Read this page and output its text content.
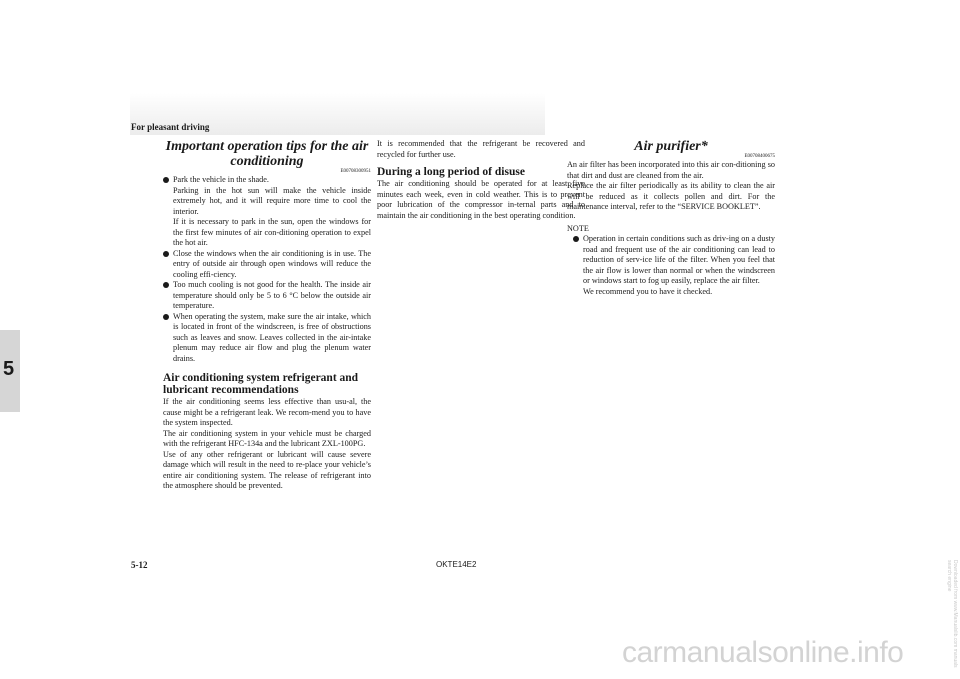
For pleasant driving
5
Important operation tips for the air conditioning
E00708300951

Park the vehicle in the shade.

Parking in the hot sun will make the vehicle inside extremely hot, and it will require more time to cool the interior.

If it is necessary to park in the sun, open the windows for the first few minutes of air con-ditioning operation to expel the hot air.

Close the windows when the air conditioning is in use. The entry of outside air through open windows will reduce the cooling effi-ciency.

Too much cooling is not good for the health. The inside air temperature should only be 5 to 6 °C below the outside air temperature.

When operating the system, make sure the air intake, which is located in front of the windscreen, is free of obstructions such as leaves and snow. Leaves collected in the air-intake plenum may reduce air flow and plug the plenum water drains.

Air conditioning system refrigerant and lubricant recommendations

If the air conditioning seems less effective than usu-al, the cause might be a refrigerant leak. We recom-mend you to have the system inspected.

The air conditioning system in your vehicle must be charged with the refrigerant HFC-134a and the lubricant ZXL-100PG.

Use of any other refrigerant or lubricant will cause severe damage which will result in the need to re-place your vehicle’s entire air conditioning system. The release of refrigerant into the atmosphere should be prevented.

It is recommended that the refrigerant be recovered and recycled for further use.

During a long period of disuse

The air conditioning should be operated for at least five minutes each week, even in cold weather. This is to prevent poor lubrication of the compressor in-ternal parts and to maintain the air conditioning in the best operating condition.

Air purifier*
E00708400675

An air filter has been incorporated into this air con-ditioning so that dirt and dust are cleaned from the air.

Replace the air filter periodically as its ability to clean the air will be reduced as it collects pollen and dirt. For the maintenance interval, refer to the “SERVICE BOOKLET”.

NOTE

Operation in certain conditions such as driv-ing on a dusty road and frequent use of the air conditioning can lead to reduction of serv-ice life of the filter. When you feel that the air flow is lower than normal or when the windscreen or windows start to fog up easily, replace the air filter.

We recommend you to have it checked.

5-12	OKTE14E2
carmanualsonline.info	Downloaded from www.Manualslib.com manuals search engine
